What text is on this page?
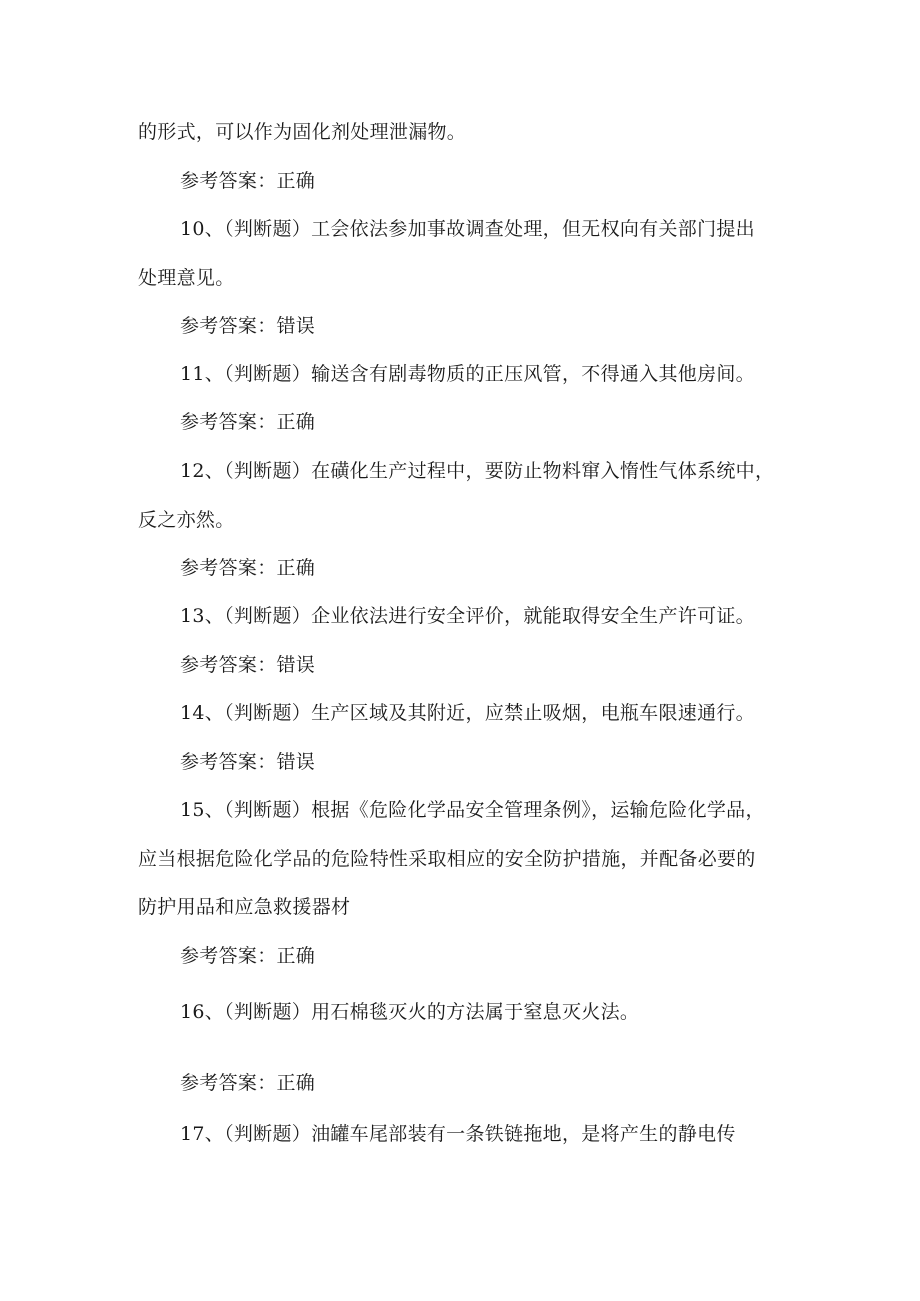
的形式，可以作为固化剂处理泄漏物。
参考答案：正确
10、（判断题）工会依法参加事故调查处理，但无权向有关部门提出
处理意见。
参考答案：错误
11、（判断题）输送含有剧毒物质的正压风管，不得通入其他房间。
参考答案：正确
12、（判断题）在磺化生产过程中，要防止物料窜入惰性气体系统中，
反之亦然。
参考答案：正确
13、（判断题）企业依法进行安全评价，就能取得安全生产许可证。
参考答案：错误
14、（判断题）生产区域及其附近，应禁止吸烟，电瓶车限速通行。
参考答案：错误
15、（判断题）根据《危险化学品安全管理条例》，运输危险化学品，
应当根据危险化学品的危险特性采取相应的安全防护措施，并配备必要的
防护用品和应急救援器材
参考答案：正确
16、（判断题）用石棉毯灭火的方法属于窒息灭火法。
参考答案：正确
17、（判断题）油罐车尾部装有一条铁链拖地，是将产生的静电传
